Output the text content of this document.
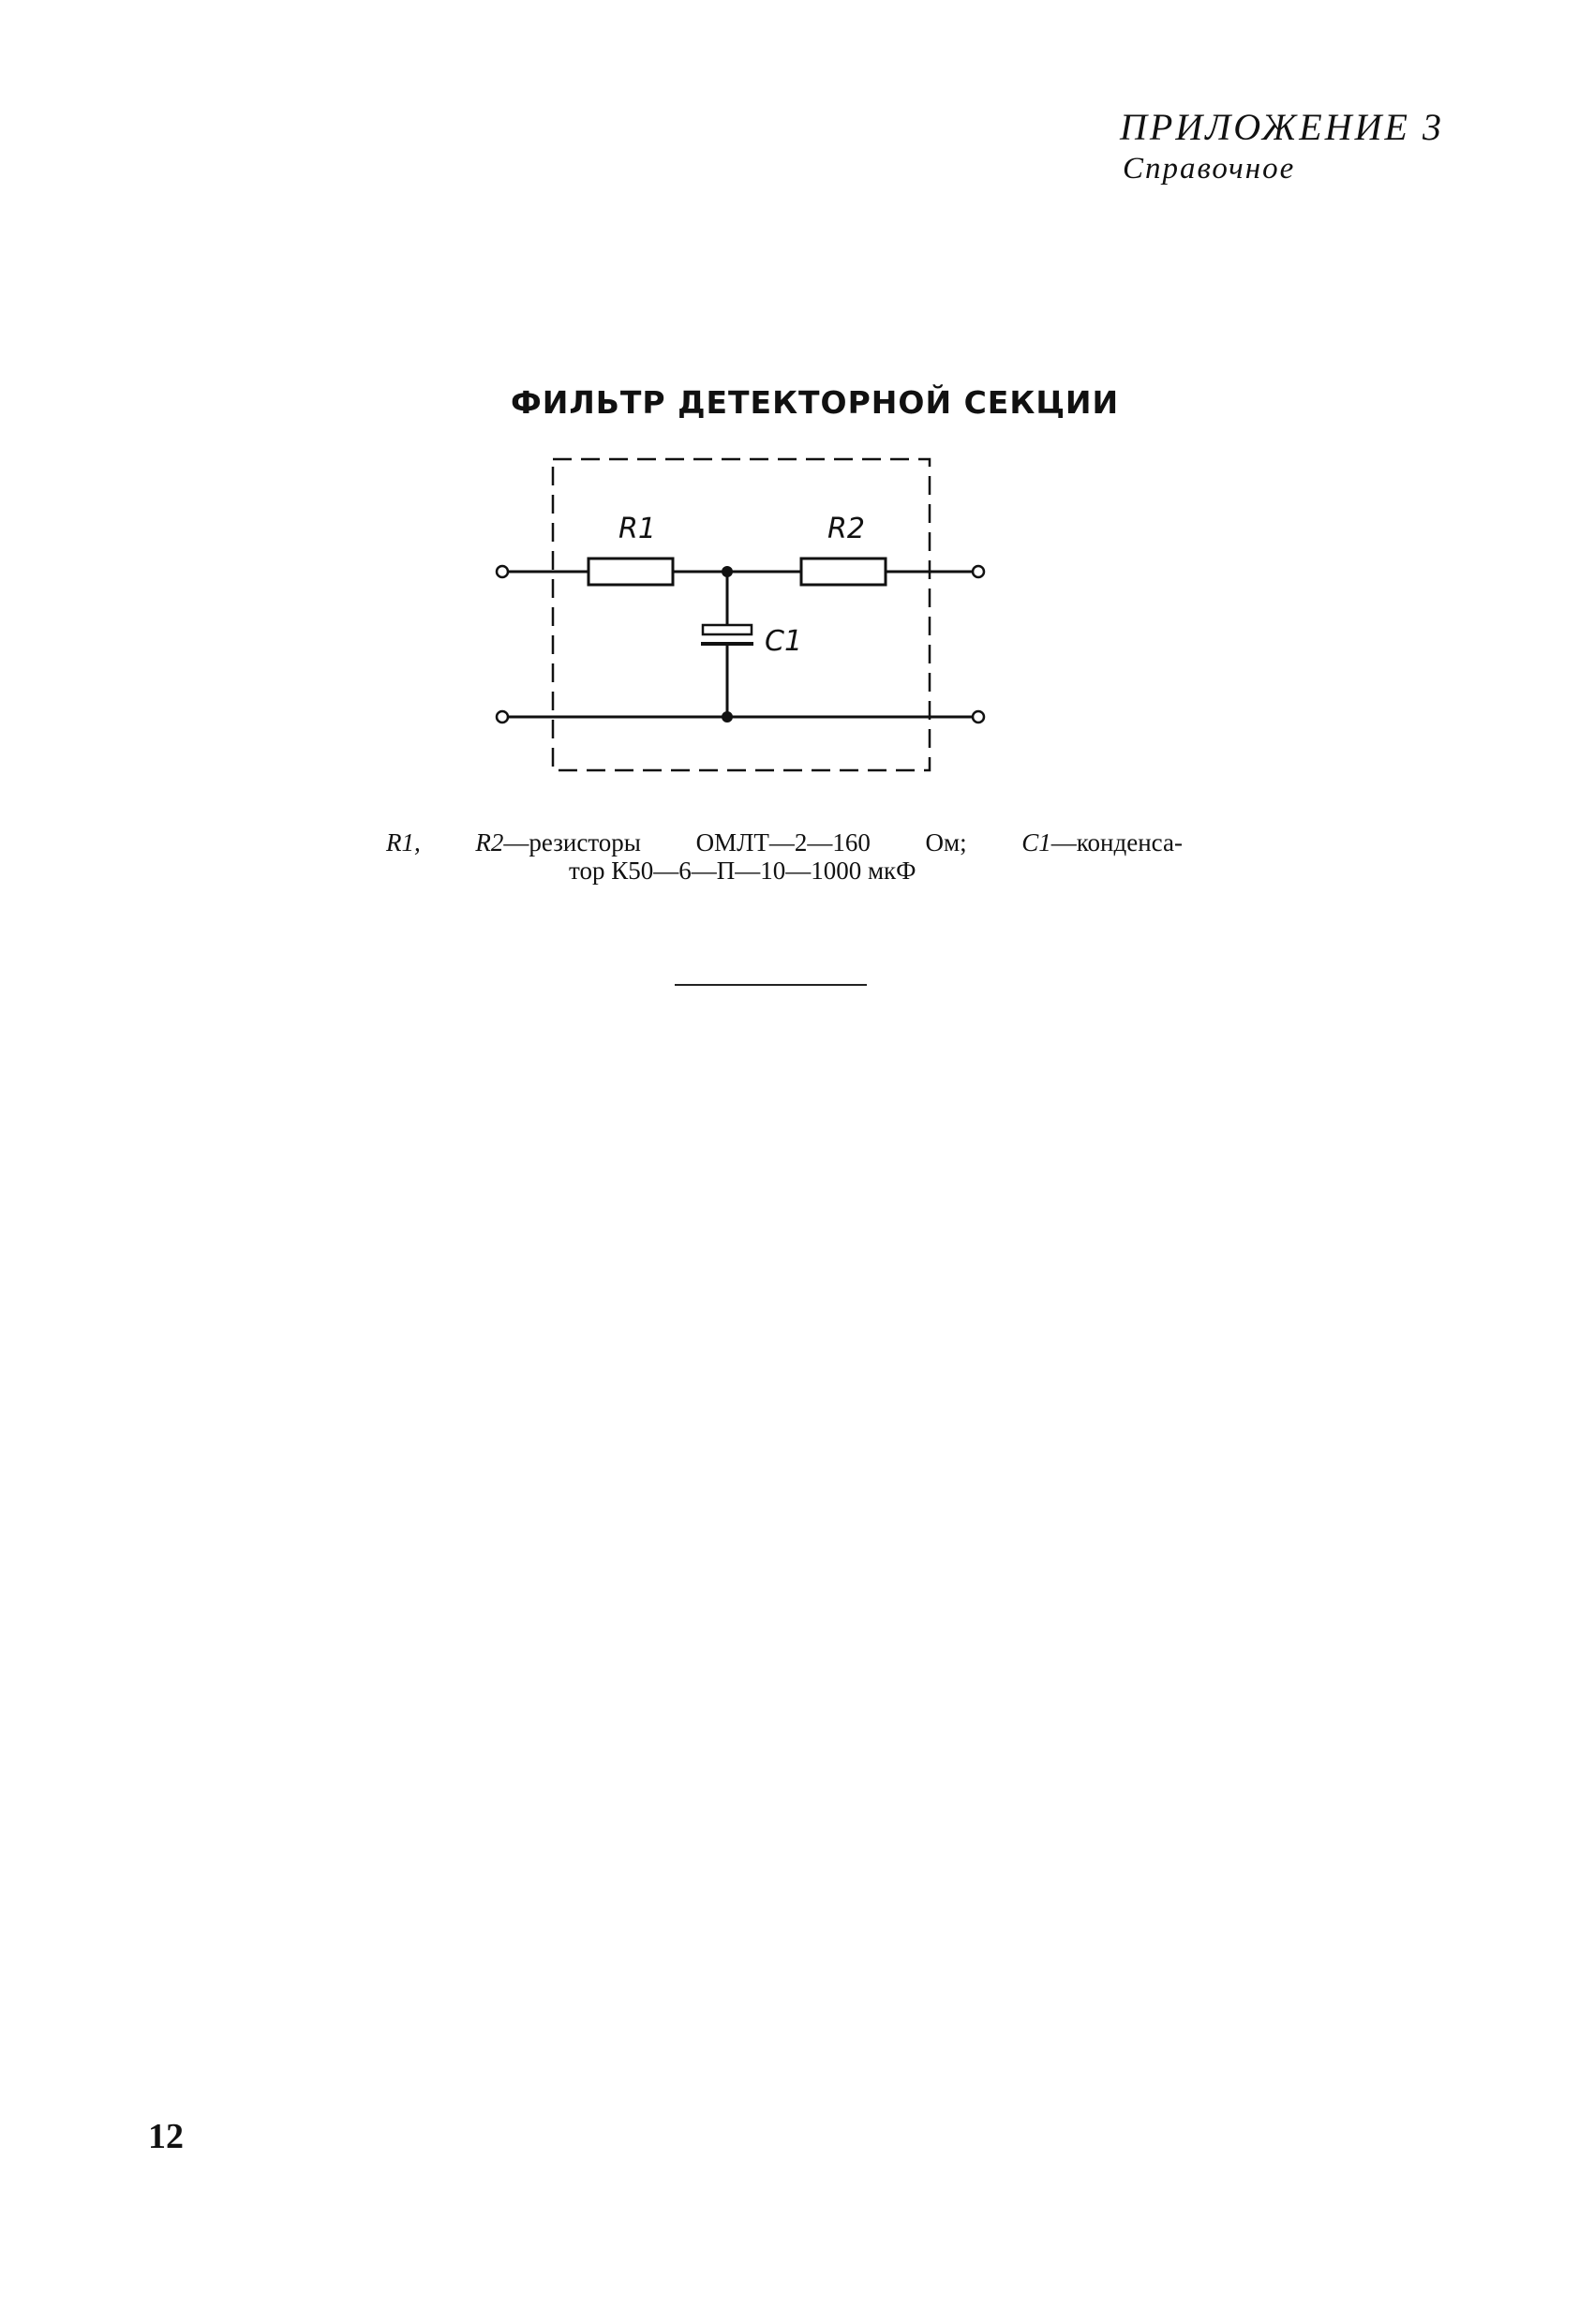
ПРИЛОЖЕНИЕ 3
Справочное
ФИЛЬТР ДЕТЕКТОРНОЙ СЕКЦИИ
R1	R2
C1
R1, R2—резисторы ОМЛТ—2—160 Ом; C1—конденса-
тор К50—6—П—10—1000 мкФ
12
